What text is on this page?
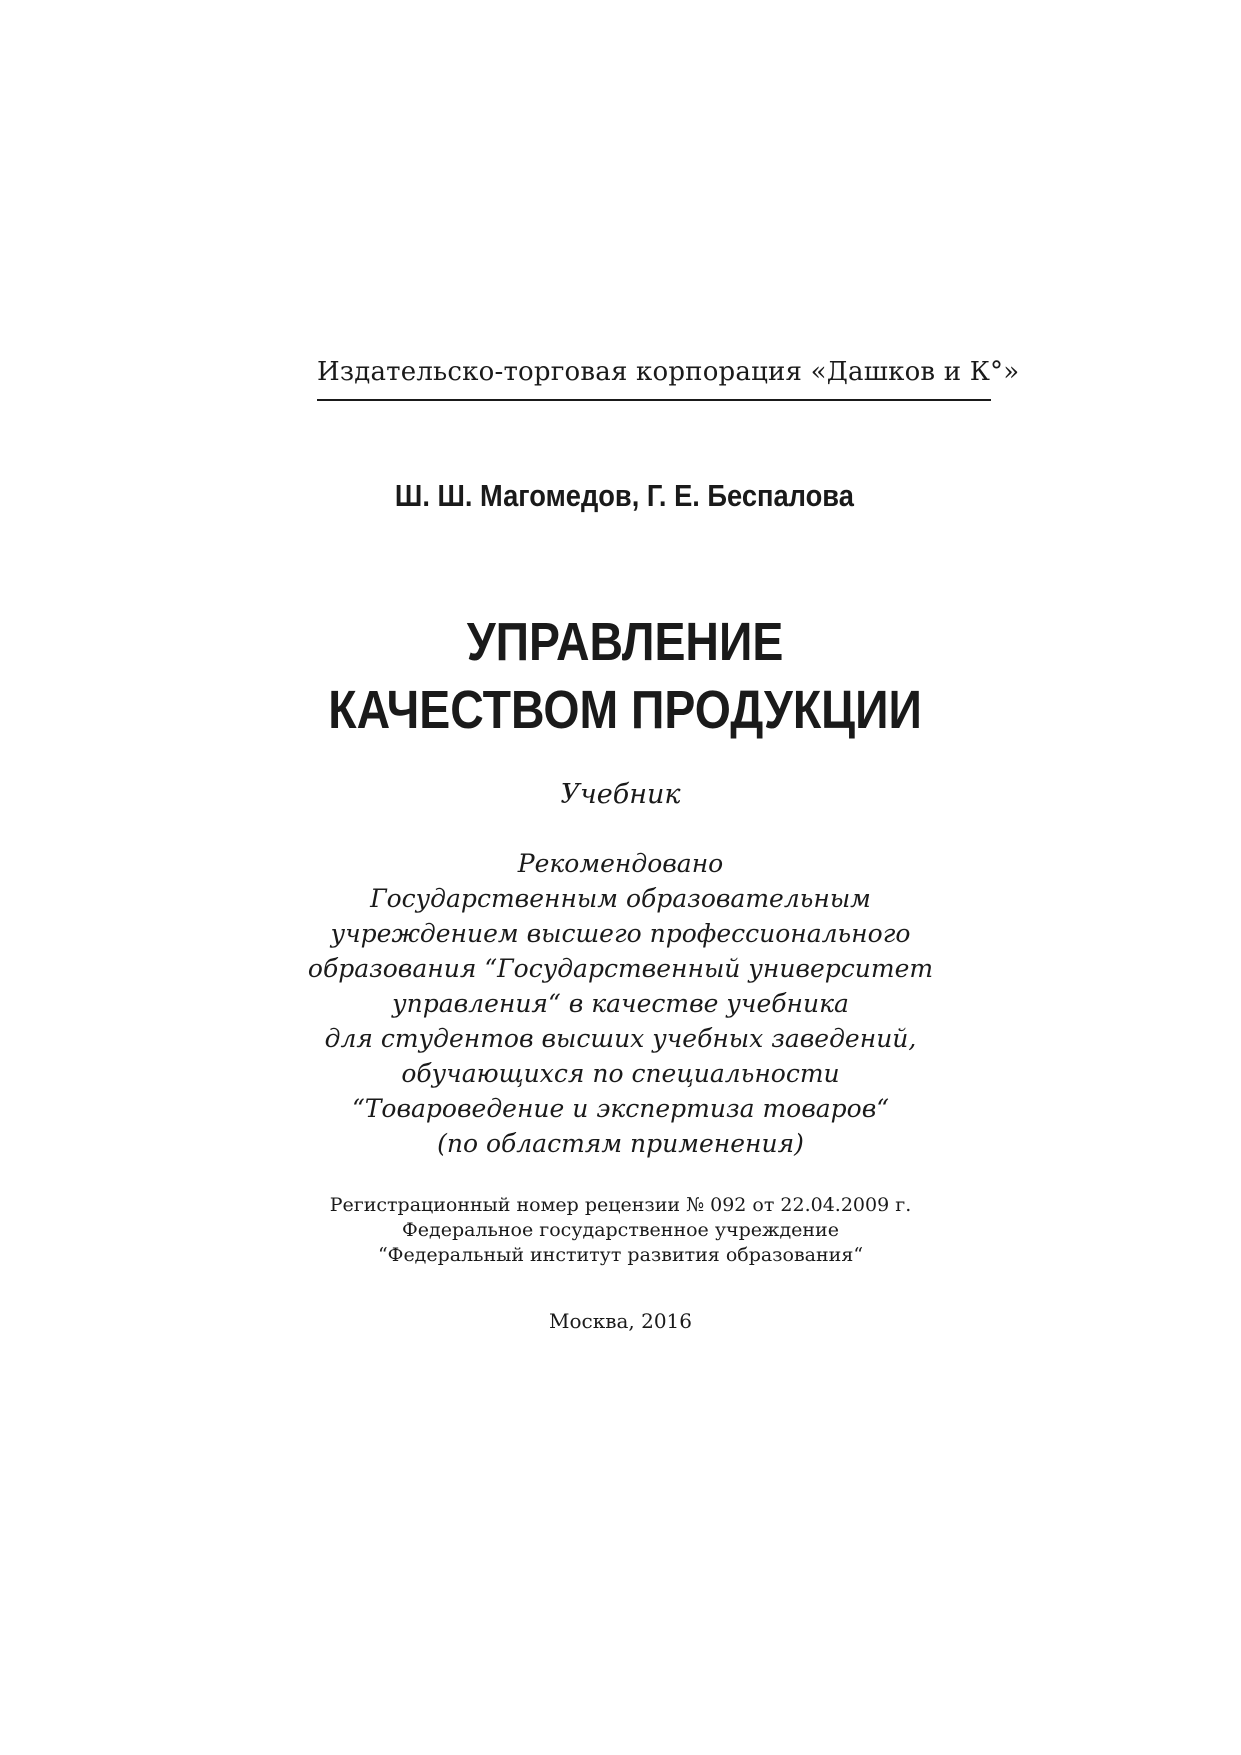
Издательско-торговая корпорация «Дашков и К°»
Ш. Ш. Магомедов, Г. Е. Беспалова
УПРАВЛЕНИЕ
КАЧЕСТВОМ ПРОДУКЦИИ
Учебник
Рекомендовано
Государственным образовательным
учреждением высшего профессионального
образования “Государственный университет
управления“ в качестве учебника
для студентов высших учебных заведений,
обучающихся по специальности
“Товароведение и экспертиза товаров“
(по областям применения)
Регистрационный номер рецензии № 092 от 22.04.2009 г.
Федеральное государственное учреждение
“Федеральный институт развития образования“
Москва, 2016
